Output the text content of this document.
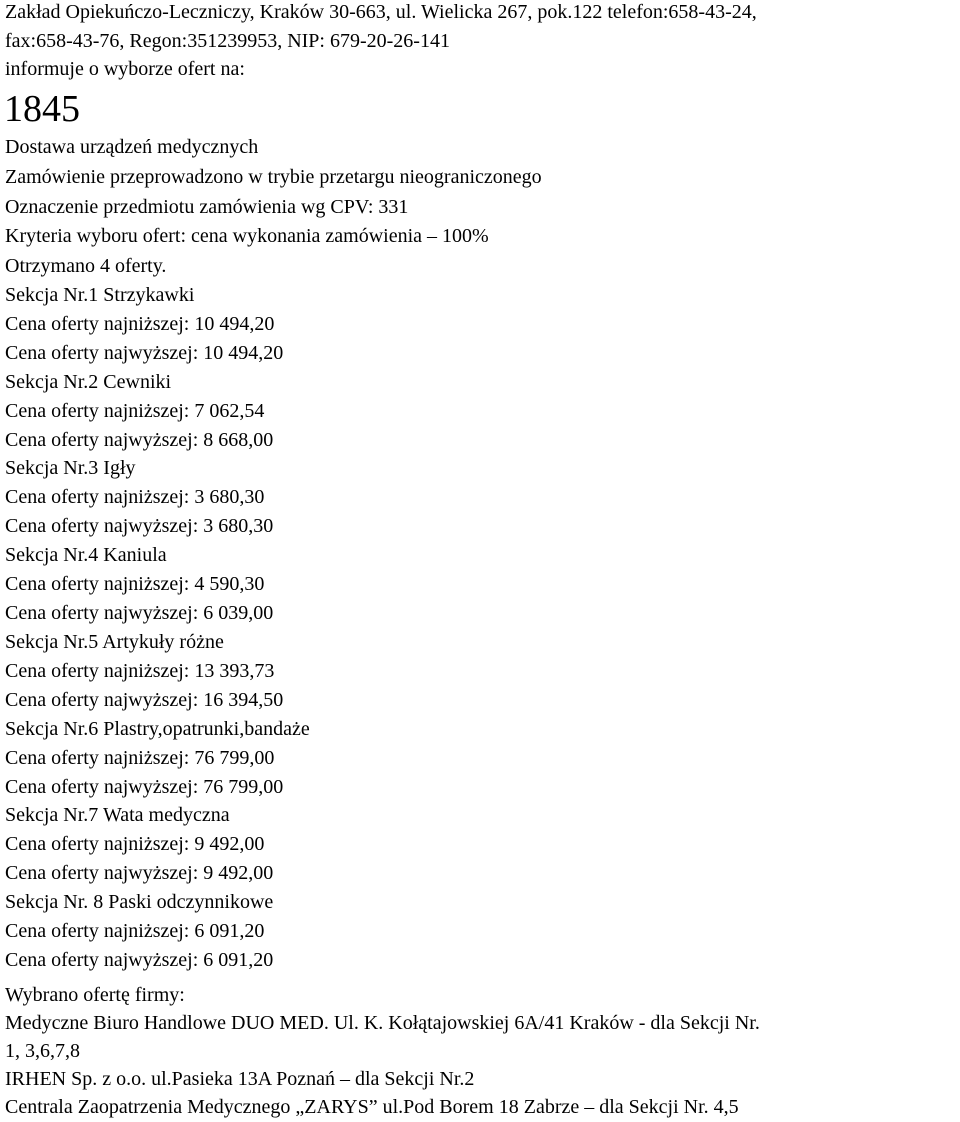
Zakład Opiekuńczo-Leczniczy, Kraków 30-663, ul. Wielicka 267, pok.122 telefon:658-43-24,
fax:658-43-76, Regon:351239953, NIP: 679-20-26-141
informuje o wyborze ofert na:
1845
Dostawa urządzeń medycznych
Zamówienie przeprowadzono w trybie przetargu nieograniczonego
Oznaczenie przedmiotu zamówienia wg CPV: 331
Kryteria wyboru ofert: cena wykonania zamówienia – 100%
Otrzymano 4 oferty.
Sekcja Nr.1 Strzykawki
Cena oferty najniższej: 10 494,20
Cena oferty najwyższej: 10 494,20
Sekcja Nr.2 Cewniki
Cena oferty najniższej: 7 062,54
Cena oferty najwyższej: 8 668,00
Sekcja Nr.3 Igły
Cena oferty najniższej: 3 680,30
Cena oferty najwyższej: 3 680,30
Sekcja Nr.4 Kaniula
Cena oferty najniższej: 4 590,30
Cena oferty najwyższej: 6 039,00
Sekcja Nr.5 Artykuły różne
Cena oferty najniższej: 13 393,73
Cena oferty najwyższej: 16 394,50
Sekcja Nr.6 Plastry,opatrunki,bandaże
Cena oferty najniższej: 76 799,00
Cena oferty najwyższej: 76 799,00
Sekcja Nr.7 Wata medyczna
Cena oferty najniższej: 9 492,00
Cena oferty najwyższej: 9 492,00
Sekcja Nr. 8 Paski odczynnikowe
Cena oferty najniższej: 6 091,20
Cena oferty najwyższej: 6 091,20
Wybrano ofertę firmy:
Medyczne Biuro Handlowe DUO MED. Ul. K. Kołątajowskiej 6A/41 Kraków - dla Sekcji Nr.
1, 3,6,7,8
IRHEN Sp. z o.o. ul.Pasieka 13A Poznań – dla Sekcji Nr.2
Centrala Zaopatrzenia Medycznego „ZARYS” ul.Pod Borem 18 Zabrze – dla Sekcji Nr. 4,5
